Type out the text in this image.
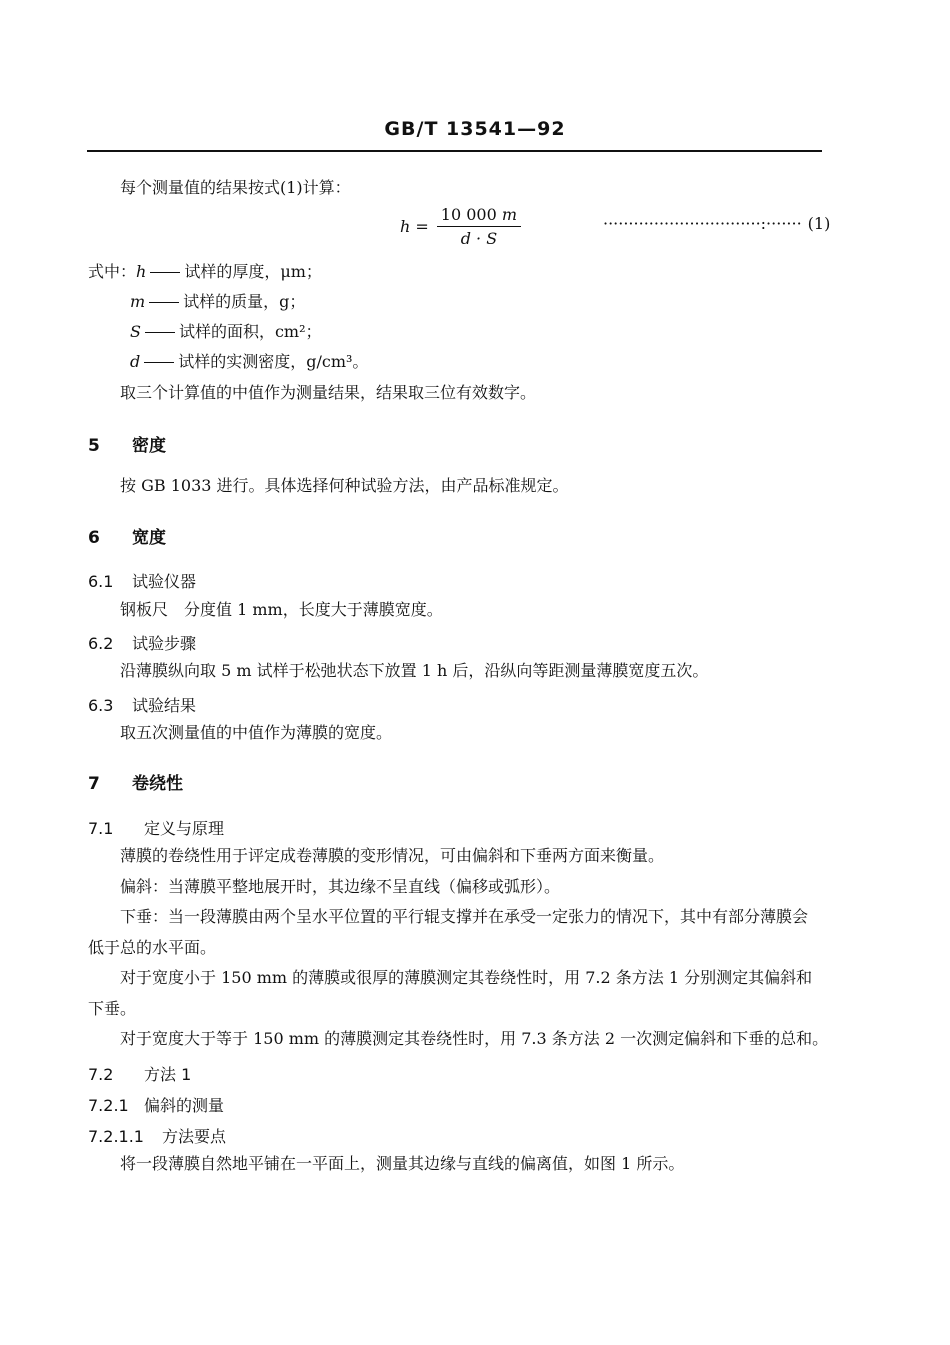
GB/T 13541—92
每个测量值的结果按式(1)计算：
$h = \frac{10 000 m}{d \cdot S}$	·······························:······· (1)
式中：h 试样的厚度，μm；
m 试样的质量，g；
S 试样的面积，cm²；
d 试样的实测密度，g/cm³。
取三个计算值的中值作为测量结果，结果取三位有效数字。
5 密度
按 GB 1033 进行。具体选择何种试验方法，由产品标准规定。
6 宽度
6.1 试验仪器
钢板尺　分度值 1 mm，长度大于薄膜宽度。
6.2 试验步骤
沿薄膜纵向取 5 m 试样于松弛状态下放置 1 h 后，沿纵向等距测量薄膜宽度五次。
6.3 试验结果
取五次测量值的中值作为薄膜的宽度。
7 卷绕性
7.1 定义与原理
薄膜的卷绕性用于评定成卷薄膜的变形情况，可由偏斜和下垂两方面来衡量。
偏斜：当薄膜平整地展开时，其边缘不呈直线（偏移或弧形）。
下垂：当一段薄膜由两个呈水平位置的平行辊支撑并在承受一定张力的情况下，其中有部分薄膜会
低于总的水平面。
对于宽度小于 150 mm 的薄膜或很厚的薄膜测定其卷绕性时，用 7.2 条方法 1 分别测定其偏斜和
下垂。
对于宽度大于等于 150 mm 的薄膜测定其卷绕性时，用 7.3 条方法 2 一次测定偏斜和下垂的总和。
7.2 方法 1
7.2.1 偏斜的测量
7.2.1.1 方法要点
将一段薄膜自然地平铺在一平面上，测量其边缘与直线的偏离值，如图 1 所示。
